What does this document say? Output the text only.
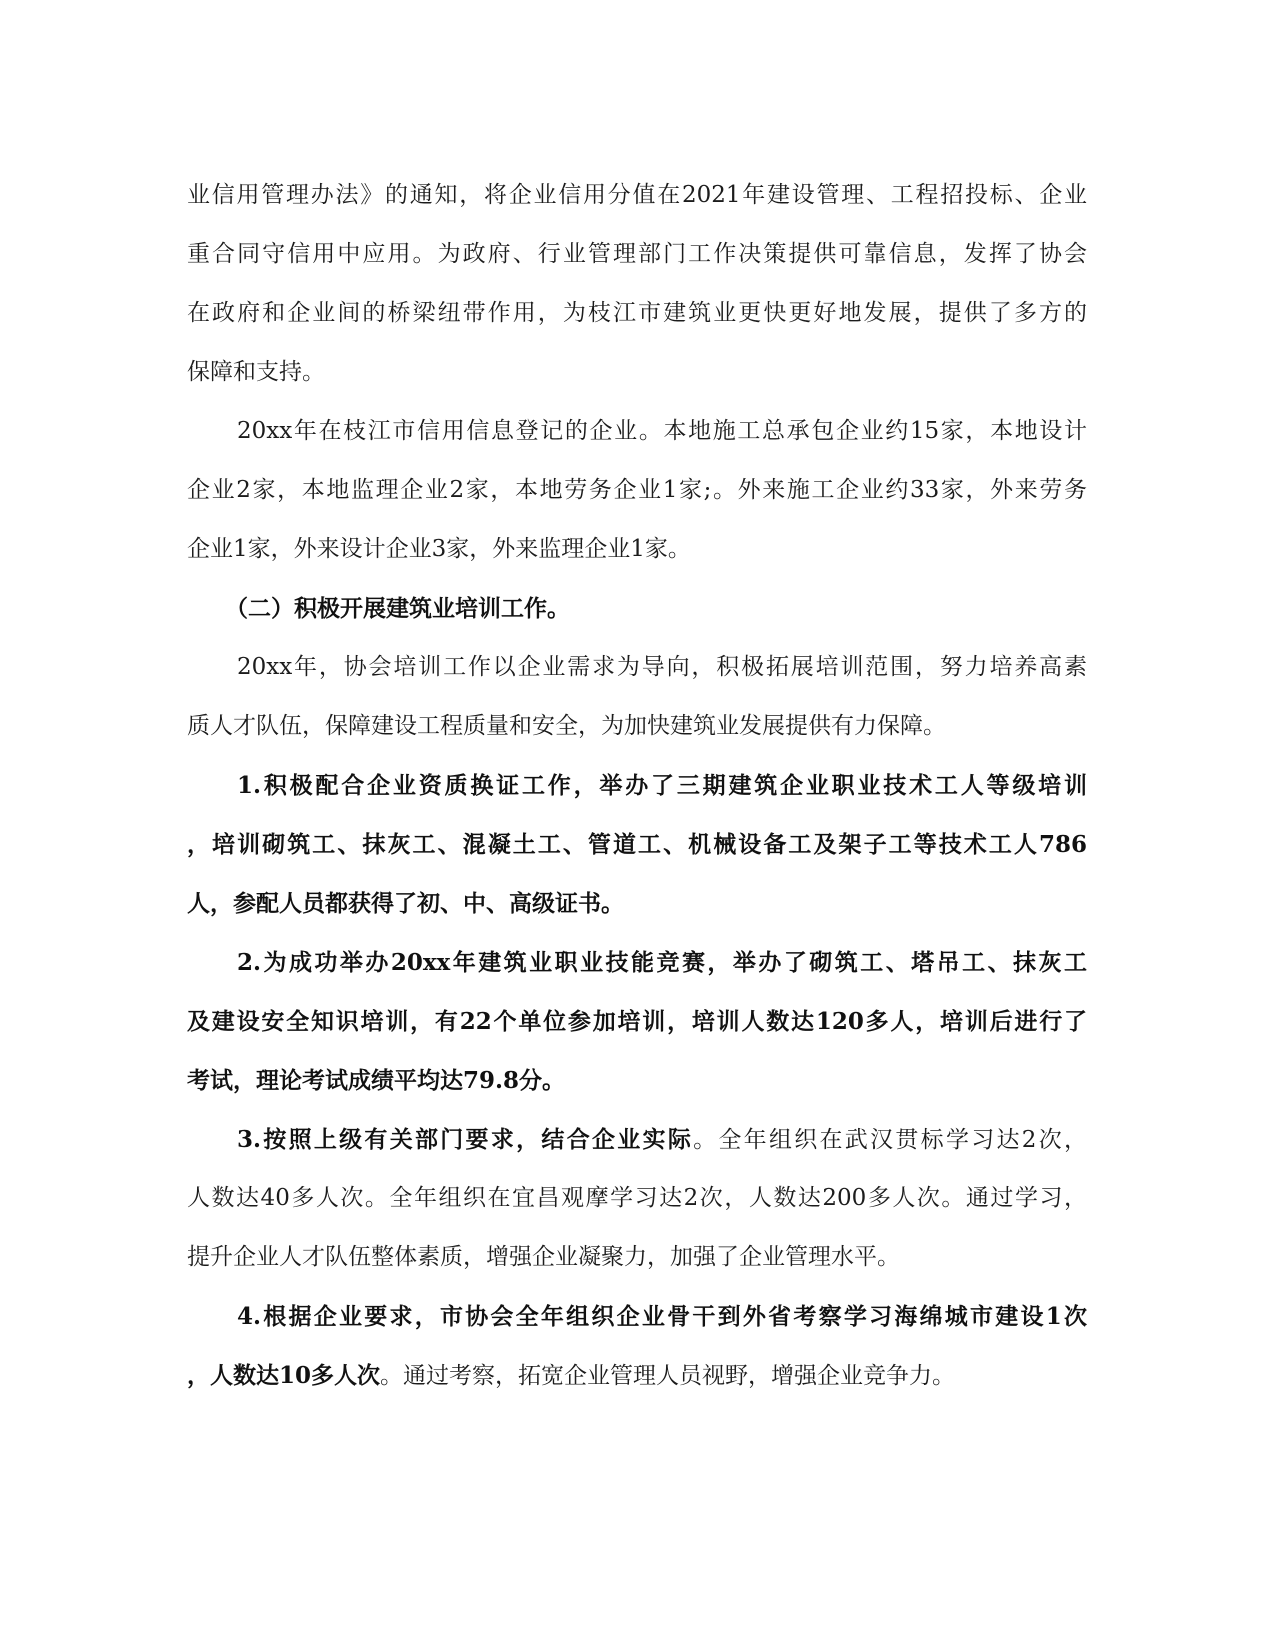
业信用管理办法》的通知，将企业信用分值在2021年建设管理、工程招投标、企业
重合同守信用中应用。为政府、行业管理部门工作决策提供可靠信息，发挥了协会
在政府和企业间的桥梁纽带作用，为枝江市建筑业更快更好地发展，提供了多方的
保障和支持。
20xx年在枝江市信用信息登记的企业。本地施工总承包企业约15家，本地设计
企业2家，本地监理企业2家，本地劳务企业1家;。外来施工企业约33家，外来劳务
企业1家，外来设计企业3家，外来监理企业1家。
（二）积极开展建筑业培训工作。
20xx年，协会培训工作以企业需求为导向，积极拓展培训范围，努力培养高素
质人才队伍，保障建设工程质量和安全，为加快建筑业发展提供有力保障。
1.积极配合企业资质换证工作，举办了三期建筑企业职业技术工人等级培训
，培训砌筑工、抹灰工、混凝土工、管道工、机械设备工及架子工等技术工人786
人，参配人员都获得了初、中、高级证书。
2.为成功举办20xx年建筑业职业技能竞赛，举办了砌筑工、塔吊工、抹灰工
及建设安全知识培训，有22个单位参加培训，培训人数达120多人，培训后进行了
考试，理论考试成绩平均达79.8分。
3.按照上级有关部门要求，结合企业实际。全年组织在武汉贯标学习达2次，
人数达40多人次。全年组织在宜昌观摩学习达2次，人数达200多人次。通过学习，
提升企业人才队伍整体素质，增强企业凝聚力，加强了企业管理水平。
4.根据企业要求，市协会全年组织企业骨干到外省考察学习海绵城市建设1次
，人数达10多人次。通过考察，拓宽企业管理人员视野，增强企业竞争力。
